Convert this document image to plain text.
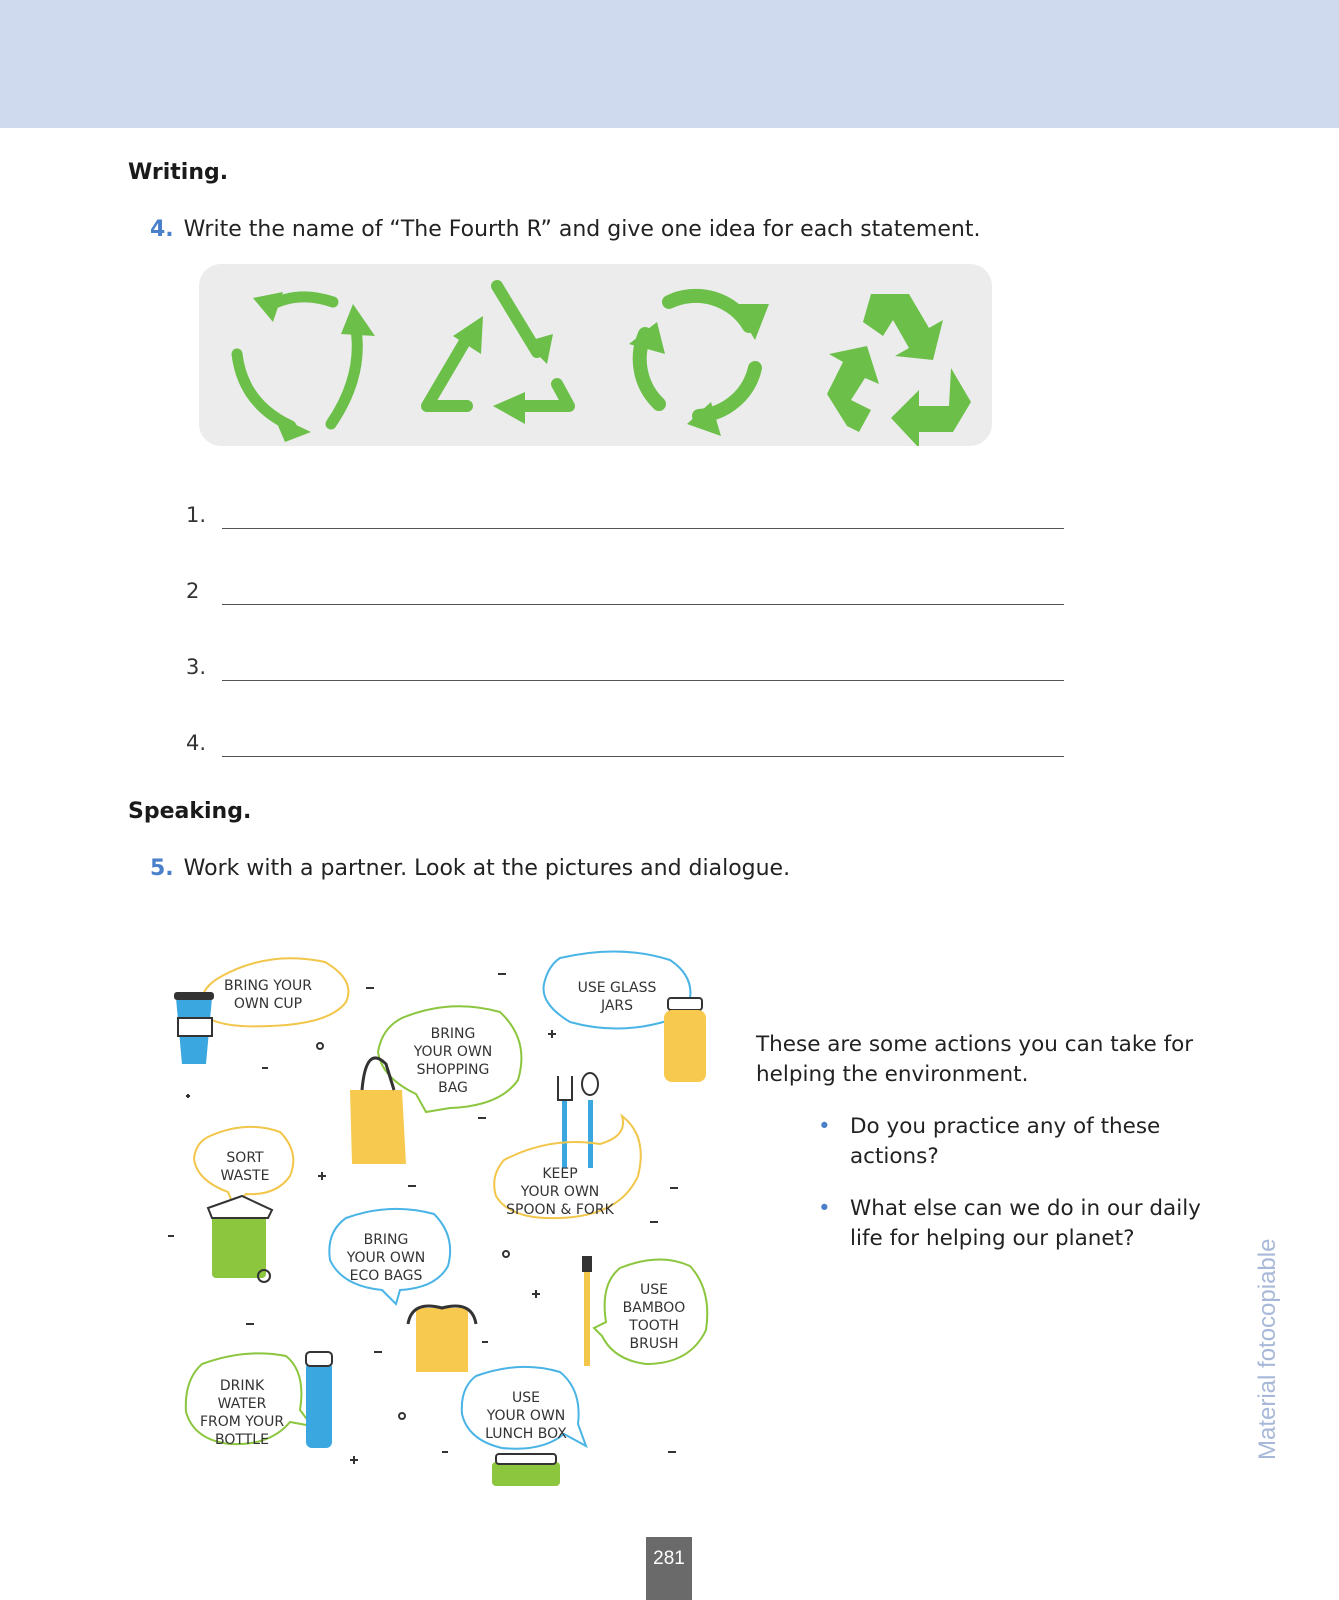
Writing.
4. Write the name of “The Fourth R” and give one idea for each statement.
1.
2
3.
4.
Speaking.
5. Work with a partner. Look at the pictures and dialogue.
BRING YOUR
OWN CUP
USE GLASS
JARS
BRING
YOUR OWN
SHOPPING
BAG
SORT
WASTE	KEEP
YOUR OWN
SPOON & FORK
BRING
YOUR OWN
ECO BAGS
USE
BAMBOO
TOOTH
BRUSH
DRINK
WATER
FROM YOUR
BOTTLE
USE
YOUR OWN
LUNCH BOX
These are some actions you can take for helping the environment.
• Do you practice any of these actions?
• What else can we do in our daily life for helping our planet?
Material fotocopiable
281
